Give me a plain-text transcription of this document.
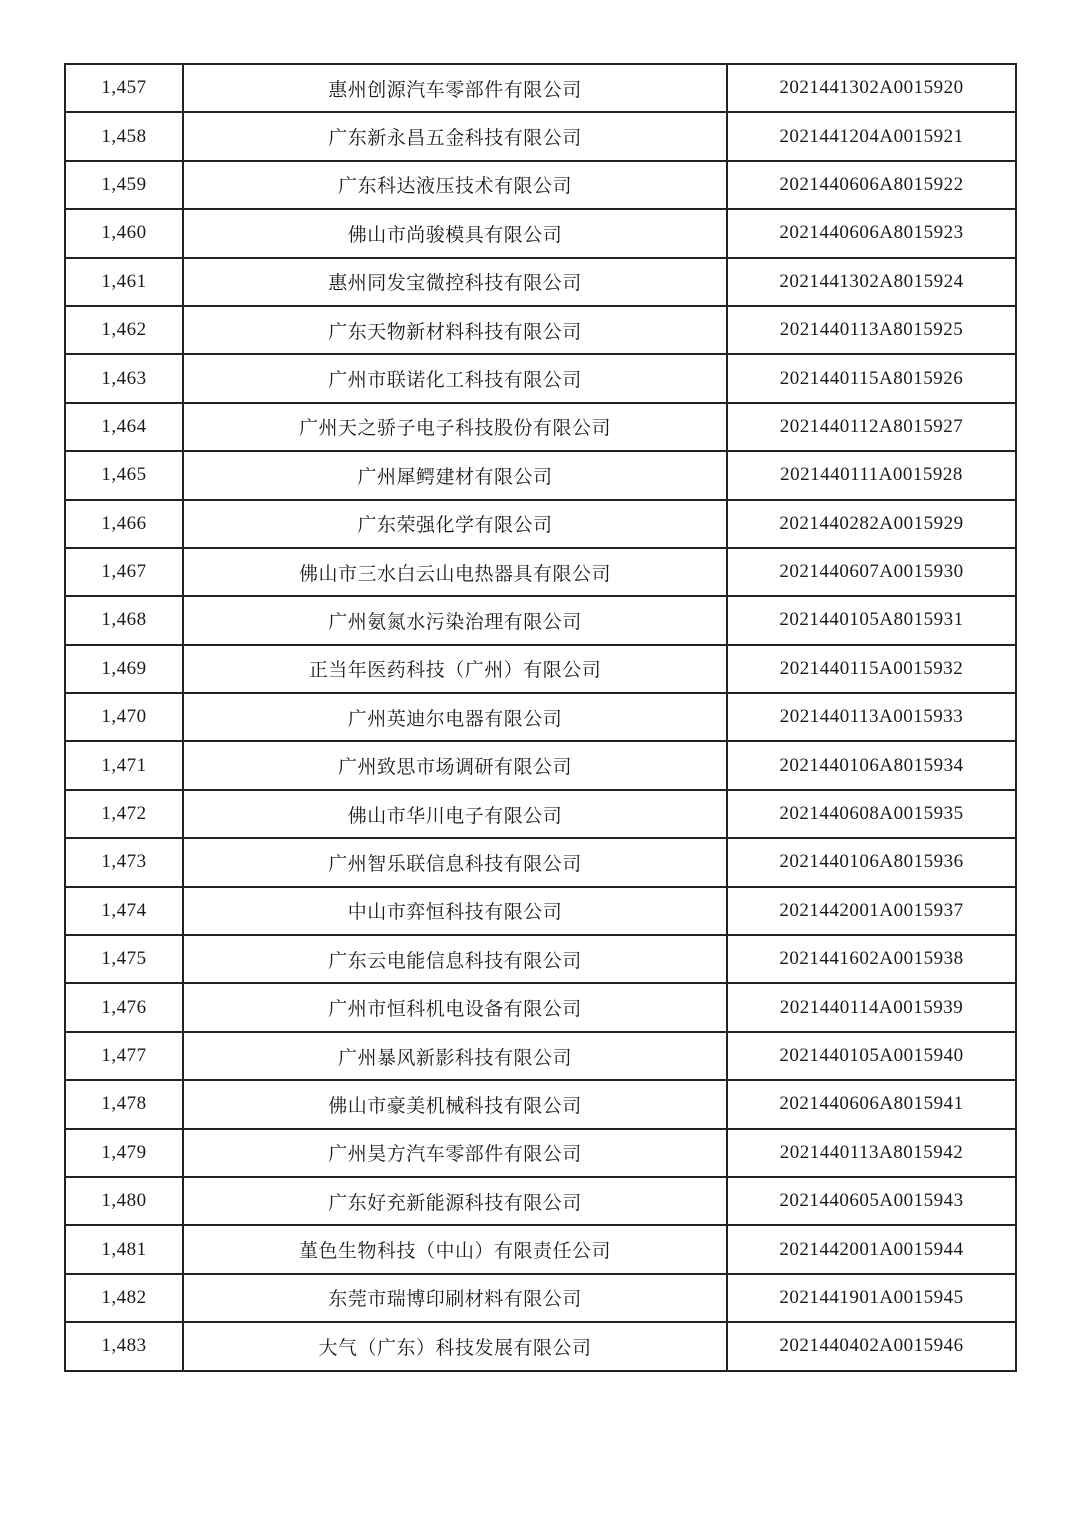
1,457	惠州创源汽车零部件有限公司	2021441302A0015920
1,458	广东新永昌五金科技有限公司	2021441204A0015921
1,459	广东科达液压技术有限公司	2021440606A8015922
1,460	佛山市尚骏模具有限公司	2021440606A8015923
1,461	惠州同发宝微控科技有限公司	2021441302A8015924
1,462	广东天物新材料科技有限公司	2021440113A8015925
1,463	广州市联诺化工科技有限公司	2021440115A8015926
1,464	广州天之骄子电子科技股份有限公司	2021440112A8015927
1,465	广州犀鳄建材有限公司	2021440111A0015928
1,466	广东荣强化学有限公司	2021440282A0015929
1,467	佛山市三水白云山电热器具有限公司	2021440607A0015930
1,468	广州氨氮水污染治理有限公司	2021440105A8015931
1,469	正当年医药科技（广州）有限公司	2021440115A0015932
1,470	广州英迪尔电器有限公司	2021440113A0015933
1,471	广州致思市场调研有限公司	2021440106A8015934
1,472	佛山市华川电子有限公司	2021440608A0015935
1,473	广州智乐联信息科技有限公司	2021440106A8015936
1,474	中山市弈恒科技有限公司	2021442001A0015937
1,475	广东云电能信息科技有限公司	2021441602A0015938
1,476	广州市恒科机电设备有限公司	2021440114A0015939
1,477	广州暴风新影科技有限公司	2021440105A0015940
1,478	佛山市豪美机械科技有限公司	2021440606A8015941
1,479	广州昊方汽车零部件有限公司	2021440113A8015942
1,480	广东好充新能源科技有限公司	2021440605A0015943
1,481	堇色生物科技（中山）有限责任公司	2021442001A0015944
1,482	东莞市瑞博印刷材料有限公司	2021441901A0015945
1,483	大气（广东）科技发展有限公司	2021440402A0015946
